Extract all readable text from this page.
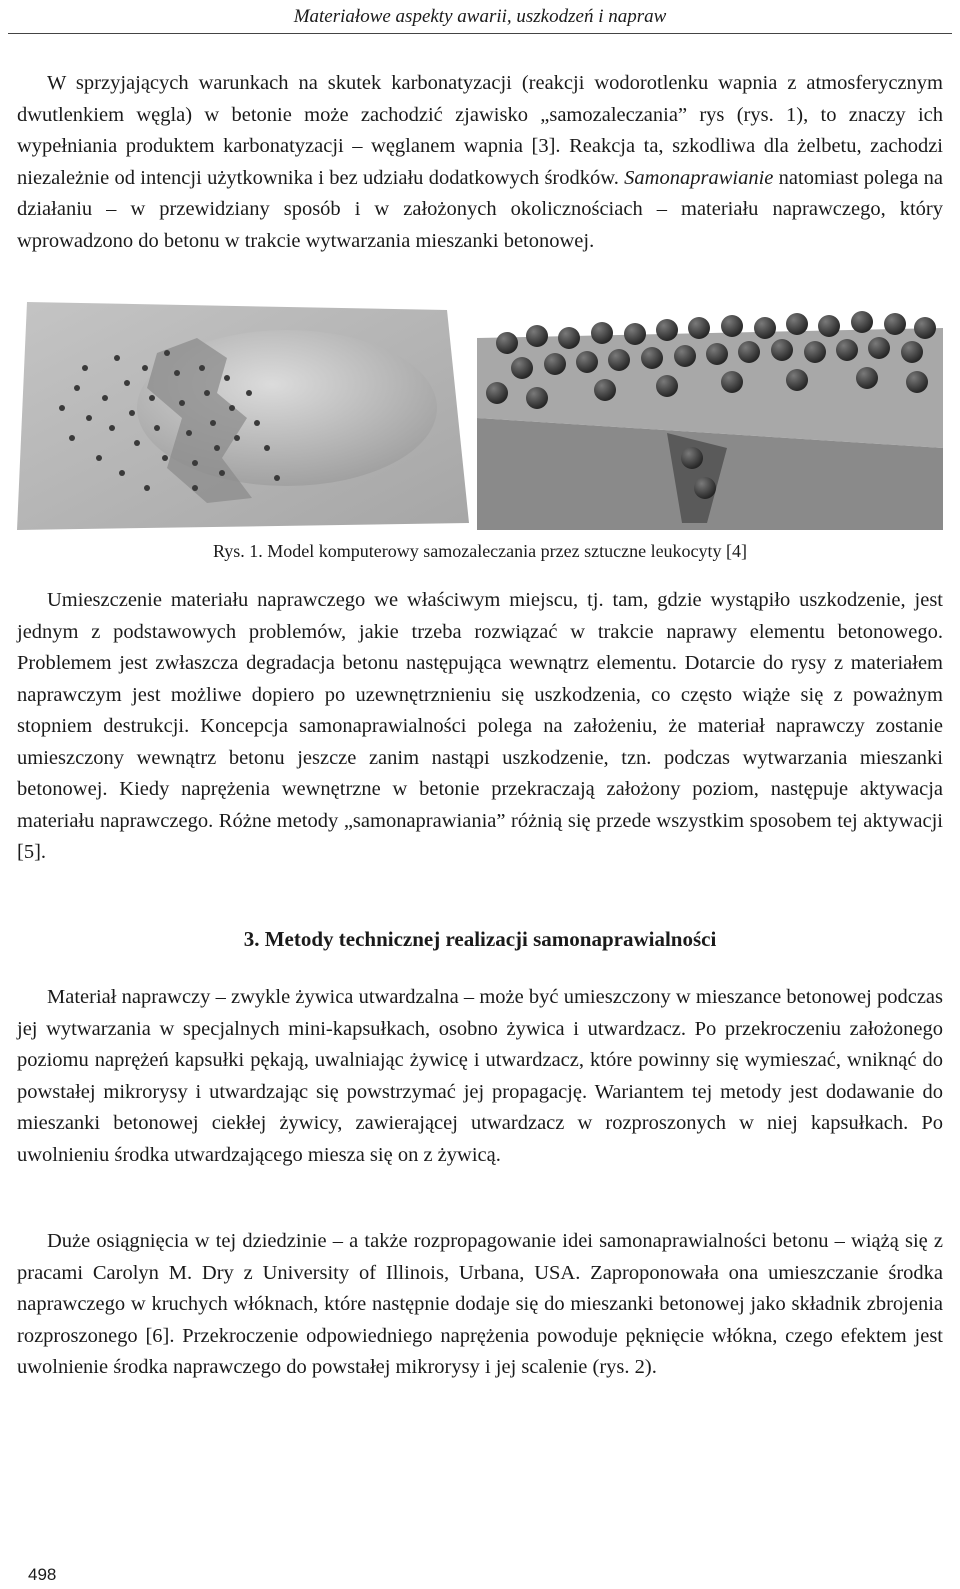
Materiałowe aspekty awarii, uszkodzeń i napraw

W sprzyjających warunkach na skutek karbonatyzacji (reakcji wodorotlenku wapnia z atmosferycznym dwutlenkiem węgla) w betonie może zachodzić zjawisko „samozaleczania” rys (rys. 1), to znaczy ich wypełniania produktem karbonatyzacji – węglanem wapnia [3]. Reakcja ta, szkodliwa dla żelbetu, zachodzi niezależnie od intencji użytkownika i bez udziału dodatkowych środków. Samonaprawianie natomiast polega na działaniu – w przewidziany sposób i w założonych okolicznościach – materiału naprawczego, który wprowadzono do betonu w trakcie wytwarzania mieszanki betonowej.

Rys. 1. Model komputerowy samozaleczania przez sztuczne leukocyty [4]

Umieszczenie materiału naprawczego we właściwym miejscu, tj. tam, gdzie wystąpiło uszkodzenie, jest jednym z podstawowych problemów, jakie trzeba rozwiązać w trakcie naprawy elementu betonowego. Problemem jest zwłaszcza degradacja betonu następująca wewnątrz elementu. Dotarcie do rysy z materiałem naprawczym jest możliwe dopiero po uzewnętrznieniu się uszkodzenia, co często wiąże się z poważnym stopniem destrukcji. Koncepcja samonaprawialności polega na założeniu, że materiał naprawczy zostanie umieszczony wewnątrz betonu jeszcze zanim nastąpi uszkodzenie, tzn. podczas wytwarzania mieszanki betonowej. Kiedy naprężenia wewnętrzne w betonie przekraczają założony poziom, następuje aktywacja materiału naprawczego. Różne metody „samonaprawiania” różnią się przede wszystkim sposobem tej aktywacji [5].

3. Metody technicznej realizacji samonaprawialności

Materiał naprawczy – zwykle żywica utwardzalna – może być umieszczony w mieszance betonowej podczas jej wytwarzania w specjalnych mini-kapsułkach, osobno żywica i utwardzacz. Po przekroczeniu założonego poziomu naprężeń kapsułki pękają, uwalniając żywicę i utwardzacz, które powinny się wymieszać, wniknąć do powstałej mikrorysy i utwardzając się powstrzymać jej propagację. Wariantem tej metody jest dodawanie do mieszanki betonowej ciekłej żywicy, zawierającej utwardzacz w rozproszonych w niej kapsułkach. Po uwolnieniu środka utwardzającego miesza się on z żywicą.

Duże osiągnięcia w tej dziedzinie – a także rozpropagowanie idei samonaprawialności betonu – wiążą się z pracami Carolyn M. Dry z University of Illinois, Urbana, USA. Zaproponowała ona umieszczanie środka naprawczego w kruchych włóknach, które następnie dodaje się do mieszanki betonowej jako składnik zbrojenia rozproszonego [6]. Przekroczenie odpowiedniego naprężenia powoduje pęknięcie włókna, czego efektem jest uwolnienie środka naprawczego do powstałej mikrorysy i jej scalenie (rys. 2).

498
